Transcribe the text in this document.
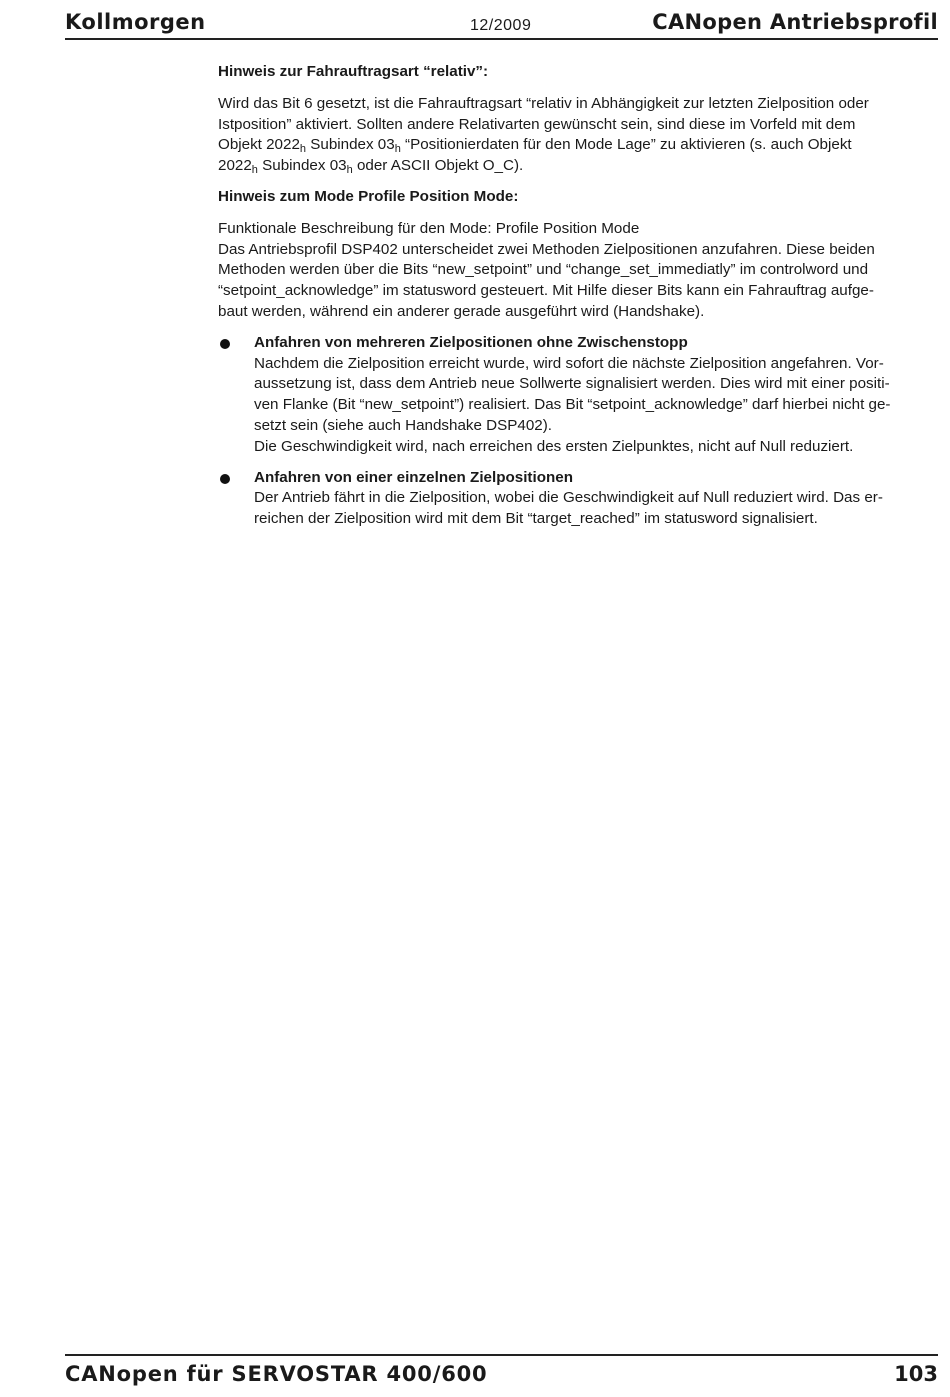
Kollmorgen	12/2009	CANopen Antriebsprofil
Hinweis zur Fahrauftragsart “relativ”:
Wird das Bit 6 gesetzt, ist die Fahrauftragsart “relativ in Abhängigkeit zur letzten Zielposition oder
Istposition” aktiviert. Sollten andere Relativarten gewünscht sein, sind diese im Vorfeld mit dem
Objekt $2022_h$ Subindex $03_h$ “Positionierdaten für den Mode Lage” zu aktivieren (s. auch Objekt
$2022_h$ Subindex $03_h$ oder ASCII Objekt O_C).
Hinweis zum Mode Profile Position Mode:
Funktionale Beschreibung für den Mode: Profile Position Mode
Das Antriebsprofil DSP402 unterscheidet zwei Methoden Zielpositionen anzufahren. Diese beiden
Methoden werden über die Bits “new_setpoint” und “change_set_immediatly” im controlword und
“setpoint_acknowledge” im statusword gesteuert. Mit Hilfe dieser Bits kann ein Fahrauftrag aufge-
baut werden, während ein anderer gerade ausgeführt wird (Handshake).
Anfahren von mehreren Zielpositionen ohne Zwischenstopp
Nachdem die Zielposition erreicht wurde, wird sofort die nächste Zielposition angefahren. Vor-
aussetzung ist, dass dem Antrieb neue Sollwerte signalisiert werden. Dies wird mit einer positi-
ven Flanke (Bit “new_setpoint”) realisiert. Das Bit “setpoint_acknowledge” darf hierbei nicht ge-
setzt sein (siehe auch Handshake DSP402).
Die Geschwindigkeit wird, nach erreichen des ersten Zielpunktes, nicht auf Null reduziert.
Anfahren von einer einzelnen Zielpositionen
Der Antrieb fährt in die Zielposition, wobei die Geschwindigkeit auf Null reduziert wird. Das er-
reichen der Zielposition wird mit dem Bit “target_reached” im statusword signalisiert.
CANopen für SERVOSTAR 400/600	103
